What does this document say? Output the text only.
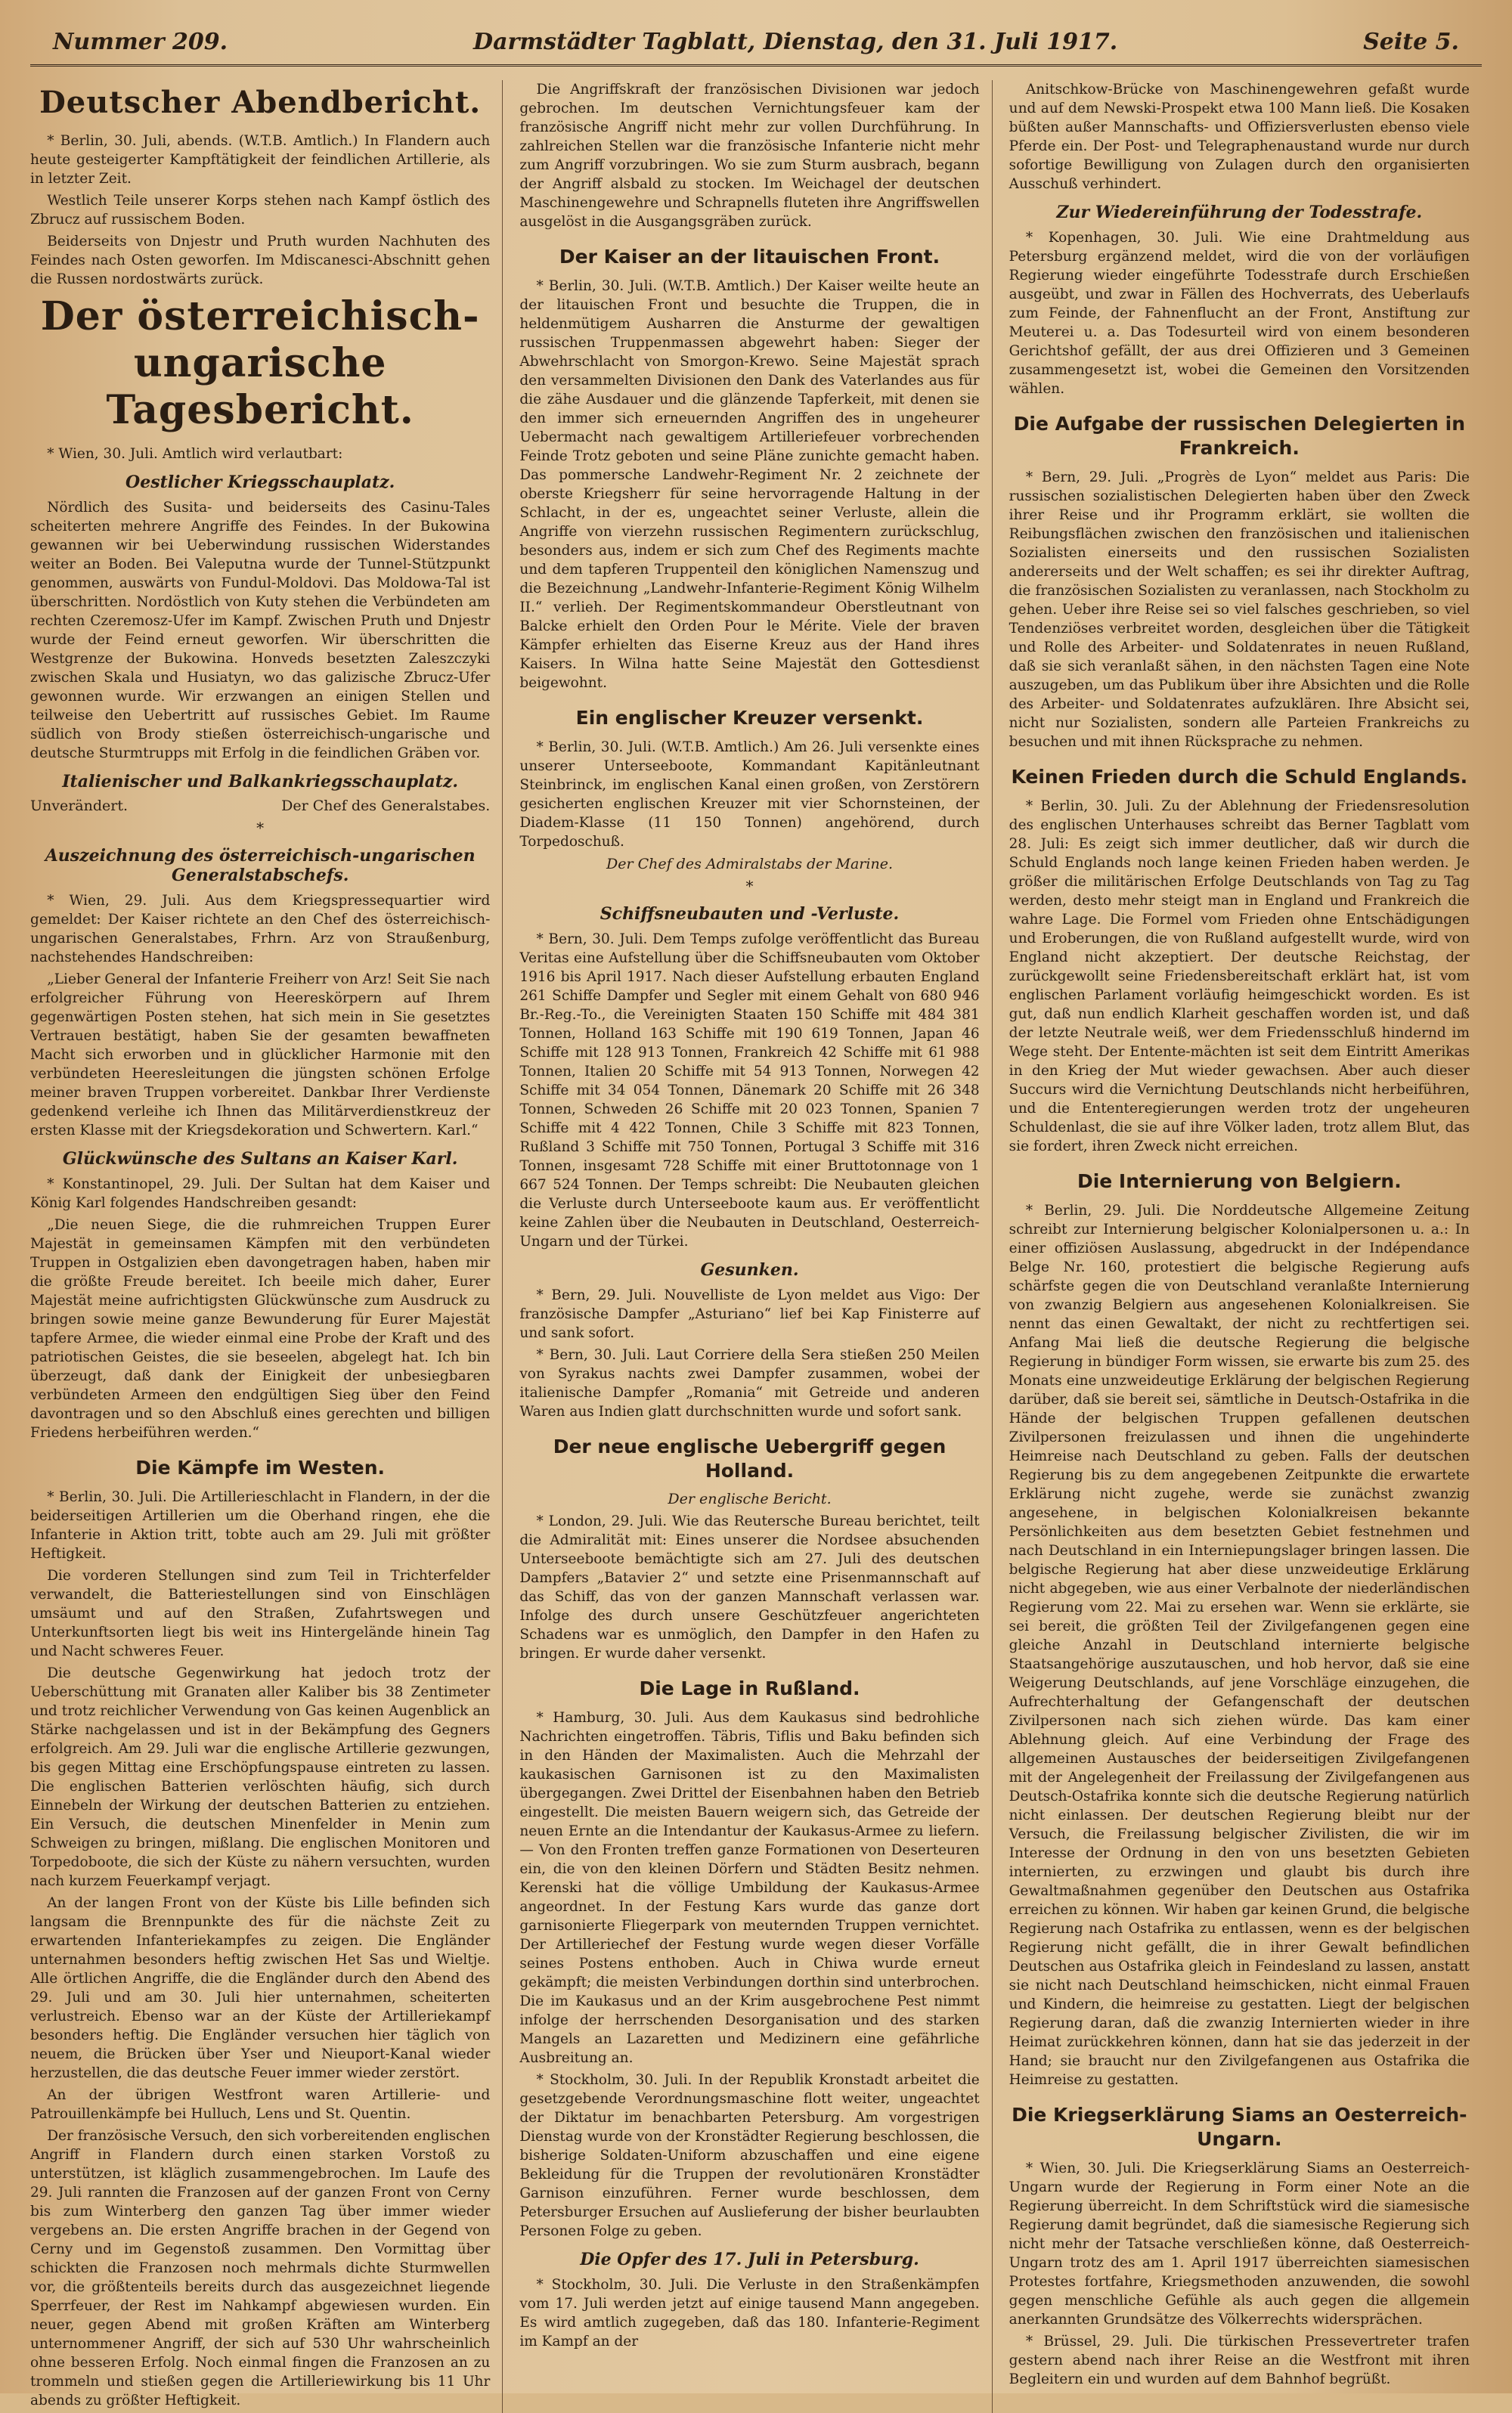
Nummer 209.	Darmstädter Tagblatt, Dienstag, den 31. Juli 1917.	Seite 5.
Deutscher Abendbericht.

* Berlin, 30. Juli, abends. (W.T.B. Amtlich.) In Flandern auch heute gesteigerter Kampftätigkeit der feindlichen Artillerie, als in letzter Zeit.

Westlich Teile unserer Korps stehen nach Kampf östlich des Zbrucz auf russischem Boden.

Beiderseits von Dnjestr und Pruth wurden Nachhuten des Feindes nach Osten geworfen. Im Mdiscanesci-Abschnitt gehen die Russen nordostwärts zurück.

Der österreichisch-ungarische Tagesbericht.

* Wien, 30. Juli. Amtlich wird verlautbart:

Oestlicher Kriegsschauplatz.

Nördlich des Susita- und beiderseits des Casinu-Tales scheiterten mehrere Angriffe des Feindes. In der Bukowina gewannen wir bei Ueberwindung russischen Widerstandes weiter an Boden. Bei Valeputna wurde der Tunnel-Stützpunkt genommen, auswärts von Fundul-Moldovi. Das Moldowa-Tal ist überschritten. Nordöstlich von Kuty stehen die Verbündeten am rechten Czeremosz-Ufer im Kampf. Zwischen Pruth und Dnjestr wurde der Feind erneut geworfen. Wir überschritten die Westgrenze der Bukowina. Honveds besetzten Zaleszczyki zwischen Skala und Husiatyn, wo das galizische Zbrucz-Ufer gewonnen wurde. Wir erzwangen an einigen Stellen und teilweise den Uebertritt auf russisches Gebiet. Im Raume südlich von Brody stießen österreichisch-ungarische und deutsche Sturmtrupps mit Erfolg in die feindlichen Gräben vor.

Italienischer und Balkankriegsschauplatz.
Unverändert.	Der Chef des Generalstabes.
*
Auszeichnung des österreichisch-ungarischen Generalstabschefs.

* Wien, 29. Juli. Aus dem Kriegspressequartier wird gemeldet: Der Kaiser richtete an den Chef des österreichisch-ungarischen Generalstabes, Frhrn. Arz von Straußenburg, nachstehendes Handschreiben:

„Lieber General der Infanterie Freiherr von Arz! Seit Sie nach erfolgreicher Führung von Heereskörpern auf Ihrem gegenwärtigen Posten stehen, hat sich mein in Sie gesetztes Vertrauen bestätigt, haben Sie der gesamten bewaffneten Macht sich erworben und in glücklicher Harmonie mit den verbündeten Heeresleitungen die jüngsten schönen Erfolge meiner braven Truppen vorbereitet. Dankbar Ihrer Verdienste gedenkend verleihe ich Ihnen das Militärverdienstkreuz der ersten Klasse mit der Kriegsdekoration und Schwertern. Karl.“

Glückwünsche des Sultans an Kaiser Karl.

* Konstantinopel, 29. Juli. Der Sultan hat dem Kaiser und König Karl folgendes Handschreiben gesandt:

„Die neuen Siege, die die ruhmreichen Truppen Eurer Majestät in gemeinsamen Kämpfen mit den verbündeten Truppen in Ostgalizien eben davongetragen haben, haben mir die größte Freude bereitet. Ich beeile mich daher, Eurer Majestät meine aufrichtigsten Glückwünsche zum Ausdruck zu bringen sowie meine ganze Bewunderung für Eurer Majestät tapfere Armee, die wieder einmal eine Probe der Kraft und des patriotischen Geistes, die sie beseelen, abgelegt hat. Ich bin überzeugt, daß dank der Einigkeit der unbesiegbaren verbündeten Armeen den endgültigen Sieg über den Feind davontragen und so den Abschluß eines gerechten und billigen Friedens herbeiführen werden.“

Die Kämpfe im Westen.

* Berlin, 30. Juli. Die Artillerieschlacht in Flandern, in der die beiderseitigen Artillerien um die Oberhand ringen, ehe die Infanterie in Aktion tritt, tobte auch am 29. Juli mit größter Heftigkeit.

Die vorderen Stellungen sind zum Teil in Trichterfelder verwandelt, die Batteriestellungen sind von Einschlägen umsäumt und auf den Straßen, Zufahrtswegen und Unterkunftsorten liegt bis weit ins Hintergelände hinein Tag und Nacht schweres Feuer.

Die deutsche Gegenwirkung hat jedoch trotz der Ueberschüttung mit Granaten aller Kaliber bis 38 Zentimeter und trotz reichlicher Verwendung von Gas keinen Augenblick an Stärke nachgelassen und ist in der Bekämpfung des Gegners erfolgreich. Am 29. Juli war die englische Artillerie gezwungen, bis gegen Mittag eine Erschöpfungspause eintreten zu lassen. Die englischen Batterien verlöschten häufig, sich durch Einnebeln der Wirkung der deutschen Batterien zu entziehen. Ein Versuch, die deutschen Minenfelder in Menin zum Schweigen zu bringen, mißlang. Die englischen Monitoren und Torpedoboote, die sich der Küste zu nähern versuchten, wurden nach kurzem Feuerkampf verjagt.

An der langen Front von der Küste bis Lille befinden sich langsam die Brennpunkte des für die nächste Zeit zu erwartenden Infanteriekampfes zu zeigen. Die Engländer unternahmen besonders heftig zwischen Het Sas und Wieltje. Alle örtlichen Angriffe, die die Engländer durch den Abend des 29. Juli und am 30. Juli hier unternahmen, scheiterten verlustreich. Ebenso war an der Küste der Artilleriekampf besonders heftig. Die Engländer versuchen hier täglich von neuem, die Brücken über Yser und Nieuport-Kanal wieder herzustellen, die das deutsche Feuer immer wieder zerstört.

An der übrigen Westfront waren Artillerie- und Patrouillenkämpfe bei Hulluch, Lens und St. Quentin.

Der französische Versuch, den sich vorbereitenden englischen Angriff in Flandern durch einen starken Vorstoß zu unterstützen, ist kläglich zusammengebrochen. Im Laufe des 29. Juli rannten die Franzosen auf der ganzen Front von Cerny bis zum Winterberg den ganzen Tag über immer wieder vergebens an. Die ersten Angriffe brachen in der Gegend von Cerny und im Gegenstoß zusammen. Den Vormittag über schickten die Franzosen noch mehrmals dichte Sturmwellen vor, die größtenteils bereits durch das ausgezeichnet liegende Sperrfeuer, der Rest im Nahkampf abgewiesen wurden. Ein neuer, gegen Abend mit großen Kräften am Winterberg unternommener Angriff, der sich auf 530 Uhr wahrscheinlich ohne besseren Erfolg. Noch einmal fingen die Franzosen an zu trommeln und stießen gegen die Artilleriewirkung bis 11 Uhr abends zu größter Heftigkeit.

Die Angriffskraft der französischen Divisionen war jedoch gebrochen. Im deutschen Vernichtungsfeuer kam der französische Angriff nicht mehr zur vollen Durchführung. In zahlreichen Stellen war die französische Infanterie nicht mehr zum Angriff vorzubringen. Wo sie zum Sturm ausbrach, begann der Angriff alsbald zu stocken. Im Weichagel der deutschen Maschinengewehre und Schrapnells fluteten ihre Angriffswellen ausgelöst in die Ausgangsgräben zurück.

Der Kaiser an der litauischen Front.

* Berlin, 30. Juli. (W.T.B. Amtlich.) Der Kaiser weilte heute an der litauischen Front und besuchte die Truppen, die in heldenmütigem Ausharren die Ansturme der gewaltigen russischen Truppenmassen abgewehrt haben: Sieger der Abwehrschlacht von Smorgon-Krewo. Seine Majestät sprach den versammelten Divisionen den Dank des Vaterlandes aus für die zähe Ausdauer und die glänzende Tapferkeit, mit denen sie den immer sich erneuernden Angriffen des in ungeheurer Uebermacht nach gewaltigem Artilleriefeuer vorbrechenden Feinde Trotz geboten und seine Pläne zunichte gemacht haben. Das pommersche Landwehr-Regiment Nr. 2 zeichnete der oberste Kriegsherr für seine hervorragende Haltung in der Schlacht, in der es, ungeachtet seiner Verluste, allein die Angriffe von vierzehn russischen Regimentern zurückschlug, besonders aus, indem er sich zum Chef des Regiments machte und dem tapferen Truppenteil den königlichen Namenszug und die Bezeichnung „Landwehr-Infanterie-Regiment König Wilhelm II.“ verlieh. Der Regimentskommandeur Oberstleutnant von Balcke erhielt den Orden Pour le Mérite. Viele der braven Kämpfer erhielten das Eiserne Kreuz aus der Hand ihres Kaisers. In Wilna hatte Seine Majestät den Gottesdienst beigewohnt.

Ein englischer Kreuzer versenkt.

* Berlin, 30. Juli. (W.T.B. Amtlich.) Am 26. Juli versenkte eines unserer Unterseeboote, Kommandant Kapitänleutnant Steinbrinck, im englischen Kanal einen großen, von Zerstörern gesicherten englischen Kreuzer mit vier Schornsteinen, der Diadem-Klasse (11 150 Tonnen) angehörend, durch Torpedoschuß.

Der Chef des Admiralstabs der Marine.
*
Schiffsneubauten und -Verluste.

* Bern, 30. Juli. Dem Temps zufolge veröffentlicht das Bureau Veritas eine Aufstellung über die Schiffsneubauten vom Oktober 1916 bis April 1917. Nach dieser Aufstellung erbauten England 261 Schiffe Dampfer und Segler mit einem Gehalt von 680 946 Br.-Reg.-To., die Vereinigten Staaten 150 Schiffe mit 484 381 Tonnen, Holland 163 Schiffe mit 190 619 Tonnen, Japan 46 Schiffe mit 128 913 Tonnen, Frankreich 42 Schiffe mit 61 988 Tonnen, Italien 20 Schiffe mit 54 913 Tonnen, Norwegen 42 Schiffe mit 34 054 Tonnen, Dänemark 20 Schiffe mit 26 348 Tonnen, Schweden 26 Schiffe mit 20 023 Tonnen, Spanien 7 Schiffe mit 4 422 Tonnen, Chile 3 Schiffe mit 823 Tonnen, Rußland 3 Schiffe mit 750 Tonnen, Portugal 3 Schiffe mit 316 Tonnen, insgesamt 728 Schiffe mit einer Bruttotonnage von 1 667 524 Tonnen. Der Temps schreibt: Die Neubauten gleichen die Verluste durch Unterseeboote kaum aus. Er veröffentlicht keine Zahlen über die Neubauten in Deutschland, Oesterreich-Ungarn und der Türkei.

Gesunken.

* Bern, 29. Juli. Nouvelliste de Lyon meldet aus Vigo: Der französische Dampfer „Asturiano“ lief bei Kap Finisterre auf und sank sofort.

* Bern, 30. Juli. Laut Corriere della Sera stießen 250 Meilen von Syrakus nachts zwei Dampfer zusammen, wobei der italienische Dampfer „Romania“ mit Getreide und anderen Waren aus Indien glatt durchschnitten wurde und sofort sank.

Der neue englische Uebergriff gegen Holland.
Der englische Bericht.

* London, 29. Juli. Wie das Reutersche Bureau berichtet, teilt die Admiralität mit: Eines unserer die Nordsee absuchenden Unterseeboote bemächtigte sich am 27. Juli des deutschen Dampfers „Batavier 2“ und setzte eine Prisenmannschaft auf das Schiff, das von der ganzen Mannschaft verlassen war. Infolge des durch unsere Geschützfeuer angerichteten Schadens war es unmöglich, den Dampfer in den Hafen zu bringen. Er wurde daher versenkt.

Die Lage in Rußland.

* Hamburg, 30. Juli. Aus dem Kaukasus sind bedrohliche Nachrichten eingetroffen. Täbris, Tiflis und Baku befinden sich in den Händen der Maximalisten. Auch die Mehrzahl der kaukasischen Garnisonen ist zu den Maximalisten übergegangen. Zwei Drittel der Eisenbahnen haben den Betrieb eingestellt. Die meisten Bauern weigern sich, das Getreide der neuen Ernte an die Intendantur der Kaukasus-Armee zu liefern. — Von den Fronten treffen ganze Formationen von Deserteuren ein, die von den kleinen Dörfern und Städten Besitz nehmen. Kerenski hat die völlige Umbildung der Kaukasus-Armee angeordnet. In der Festung Kars wurde das ganze dort garnisonierte Fliegerpark von meuternden Truppen vernichtet. Der Artilleriechef der Festung wurde wegen dieser Vorfälle seines Postens enthoben. Auch in Chiwa wurde erneut gekämpft; die meisten Verbindungen dorthin sind unterbrochen. Die im Kaukasus und an der Krim ausgebrochene Pest nimmt infolge der herrschenden Desorganisation und des starken Mangels an Lazaretten und Medizinern eine gefährliche Ausbreitung an.

* Stockholm, 30. Juli. In der Republik Kronstadt arbeitet die gesetzgebende Verordnungsmaschine flott weiter, ungeachtet der Diktatur im benachbarten Petersburg. Am vorgestrigen Dienstag wurde von der Kronstädter Regierung beschlossen, die bisherige Soldaten-Uniform abzuschaffen und eine eigene Bekleidung für die Truppen der revolutionären Kronstädter Garnison einzuführen. Ferner wurde beschlossen, dem Petersburger Ersuchen auf Auslieferung der bisher beurlaubten Personen Folge zu geben.

Die Opfer des 17. Juli in Petersburg.

* Stockholm, 30. Juli. Die Verluste in den Straßenkämpfen vom 17. Juli werden jetzt auf einige tausend Mann angegeben. Es wird amtlich zugegeben, daß das 180. Infanterie-Regiment im Kampf an der

Anitschkow-Brücke von Maschinengewehren gefaßt wurde und auf dem Newski-Prospekt etwa 100 Mann ließ. Die Kosaken büßten außer Mannschafts- und Offiziersverlusten ebenso viele Pferde ein. Der Post- und Telegraphenaustand wurde nur durch sofortige Bewilligung von Zulagen durch den organisierten Ausschuß verhindert.

Zur Wiedereinführung der Todesstrafe.

* Kopenhagen, 30. Juli. Wie eine Drahtmeldung aus Petersburg ergänzend meldet, wird die von der vorläufigen Regierung wieder eingeführte Todesstrafe durch Erschießen ausgeübt, und zwar in Fällen des Hochverrats, des Ueberlaufs zum Feinde, der Fahnenflucht an der Front, Anstiftung zur Meuterei u. a. Das Todesurteil wird von einem besonderen Gerichtshof gefällt, der aus drei Offizieren und 3 Gemeinen zusammengesetzt ist, wobei die Gemeinen den Vorsitzenden wählen.

Die Aufgabe der russischen Delegierten in Frankreich.

* Bern, 29. Juli. „Progrès de Lyon“ meldet aus Paris: Die russischen sozialistischen Delegierten haben über den Zweck ihrer Reise und ihr Programm erklärt, sie wollten die Reibungsflächen zwischen den französischen und italienischen Sozialisten einerseits und den russischen Sozialisten andererseits und der Welt schaffen; es sei ihr direkter Auftrag, die französischen Sozialisten zu veranlassen, nach Stockholm zu gehen. Ueber ihre Reise sei so viel falsches geschrieben, so viel Tendenziöses verbreitet worden, desgleichen über die Tätigkeit und Rolle des Arbeiter- und Soldatenrates in neuen Rußland, daß sie sich veranlaßt sähen, in den nächsten Tagen eine Note auszugeben, um das Publikum über ihre Absichten und die Rolle des Arbeiter- und Soldatenrates aufzuklären. Ihre Absicht sei, nicht nur Sozialisten, sondern alle Parteien Frankreichs zu besuchen und mit ihnen Rücksprache zu nehmen.

Keinen Frieden durch die Schuld Englands.

* Berlin, 30. Juli. Zu der Ablehnung der Friedensresolution des englischen Unterhauses schreibt das Berner Tagblatt vom 28. Juli: Es zeigt sich immer deutlicher, daß wir durch die Schuld Englands noch lange keinen Frieden haben werden. Je größer die militärischen Erfolge Deutschlands von Tag zu Tag werden, desto mehr steigt man in England und Frankreich die wahre Lage. Die Formel vom Frieden ohne Entschädigungen und Eroberungen, die von Rußland aufgestellt wurde, wird von England nicht akzeptiert. Der deutsche Reichstag, der zurückgewollt seine Friedensbereitschaft erklärt hat, ist vom englischen Parlament vorläufig heimgeschickt worden. Es ist gut, daß nun endlich Klarheit geschaffen worden ist, und daß der letzte Neutrale weiß, wer dem Friedensschluß hindernd im Wege steht. Der Entente-mächten ist seit dem Eintritt Amerikas in den Krieg der Mut wieder gewachsen. Aber auch dieser Succurs wird die Vernichtung Deutschlands nicht herbeiführen, und die Ententeregierungen werden trotz der ungeheuren Schuldenlast, die sie auf ihre Völker laden, trotz allem Blut, das sie fordert, ihren Zweck nicht erreichen.

Die Internierung von Belgiern.

* Berlin, 29. Juli. Die Norddeutsche Allgemeine Zeitung schreibt zur Internierung belgischer Kolonialpersonen u. a.: In einer offiziösen Auslassung, abgedruckt in der Indépendance Belge Nr. 160, protestiert die belgische Regierung aufs schärfste gegen die von Deutschland veranlaßte Internierung von zwanzig Belgiern aus angesehenen Kolonialkreisen. Sie nennt das einen Gewaltakt, der nicht zu rechtfertigen sei. Anfang Mai ließ die deutsche Regierung die belgische Regierung in bündiger Form wissen, sie erwarte bis zum 25. des Monats eine unzweideutige Erklärung der belgischen Regierung darüber, daß sie bereit sei, sämtliche in Deutsch-Ostafrika in die Hände der belgischen Truppen gefallenen deutschen Zivilpersonen freizulassen und ihnen die ungehinderte Heimreise nach Deutschland zu geben. Falls der deutschen Regierung bis zu dem angegebenen Zeitpunkte die erwartete Erklärung nicht zugehe, werde sie zunächst zwanzig angesehene, in belgischen Kolonialkreisen bekannte Persönlichkeiten aus dem besetzten Gebiet festnehmen und nach Deutschland in ein Interniерungslager bringen lassen. Die belgische Regierung hat aber diese unzweideutige Erklärung nicht abgegeben, wie aus einer Verbalnote der niederländischen Regierung vom 22. Mai zu ersehen war. Wenn sie erklärte, sie sei bereit, die größten Teil der Zivilgefangenen gegen eine gleiche Anzahl in Deutschland internierte belgische Staatsangehörige auszutauschen, und hob hervor, daß sie eine Weigerung Deutschlands, auf jene Vorschläge einzugehen, die Aufrechterhaltung der Gefangenschaft der deutschen Zivilpersonen nach sich ziehen würde. Das kam einer Ablehnung gleich. Auf eine Verbindung der Frage des allgemeinen Austausches der beiderseitigen Zivilgefangenen mit der Angelegenheit der Freilassung der Zivilgefangenen aus Deutsch-Ostafrika konnte sich die deutsche Regierung natürlich nicht einlassen. Der deutschen Regierung bleibt nur der Versuch, die Freilassung belgischer Zivilisten, die wir im Interesse der Ordnung in den von uns besetzten Gebieten internierten, zu erzwingen und glaubt bis durch ihre Gewaltmaßnahmen gegenüber den Deutschen aus Ostafrika erreichen zu können. Wir haben gar keinen Grund, die belgische Regierung nach Ostafrika zu entlassen, wenn es der belgischen Regierung nicht gefällt, die in ihrer Gewalt befindlichen Deutschen aus Ostafrika gleich in Feindesland zu lassen, anstatt sie nicht nach Deutschland heimschicken, nicht einmal Frauen und Kindern, die heimreise zu gestatten. Liegt der belgischen Regierung daran, daß die zwanzig Internierten wieder in ihre Heimat zurückkehren können, dann hat sie das jederzeit in der Hand; sie braucht nur den Zivilgefangenen aus Ostafrika die Heimreise zu gestatten.

Die Kriegserklärung Siams an Oesterreich-Ungarn.

* Wien, 30. Juli. Die Kriegserklärung Siams an Oesterreich-Ungarn wurde der Regierung in Form einer Note an die Regierung überreicht. In dem Schriftstück wird die siamesische Regierung damit begründet, daß die siamesische Regierung sich nicht mehr der Tatsache verschließen könne, daß Oesterreich-Ungarn trotz des am 1. April 1917 überreichten siamesischen Protestes fortfahre, Kriegsmethoden anzuwenden, die sowohl gegen menschliche Gefühle als auch gegen die allgemein anerkannten Grundsätze des Völkerrechts widersprächen.

* Brüssel, 29. Juli. Die türkischen Pressevertreter trafen gestern abend nach ihrer Reise an die Westfront mit ihren Begleitern ein und wurden auf dem Bahnhof begrüßt.
